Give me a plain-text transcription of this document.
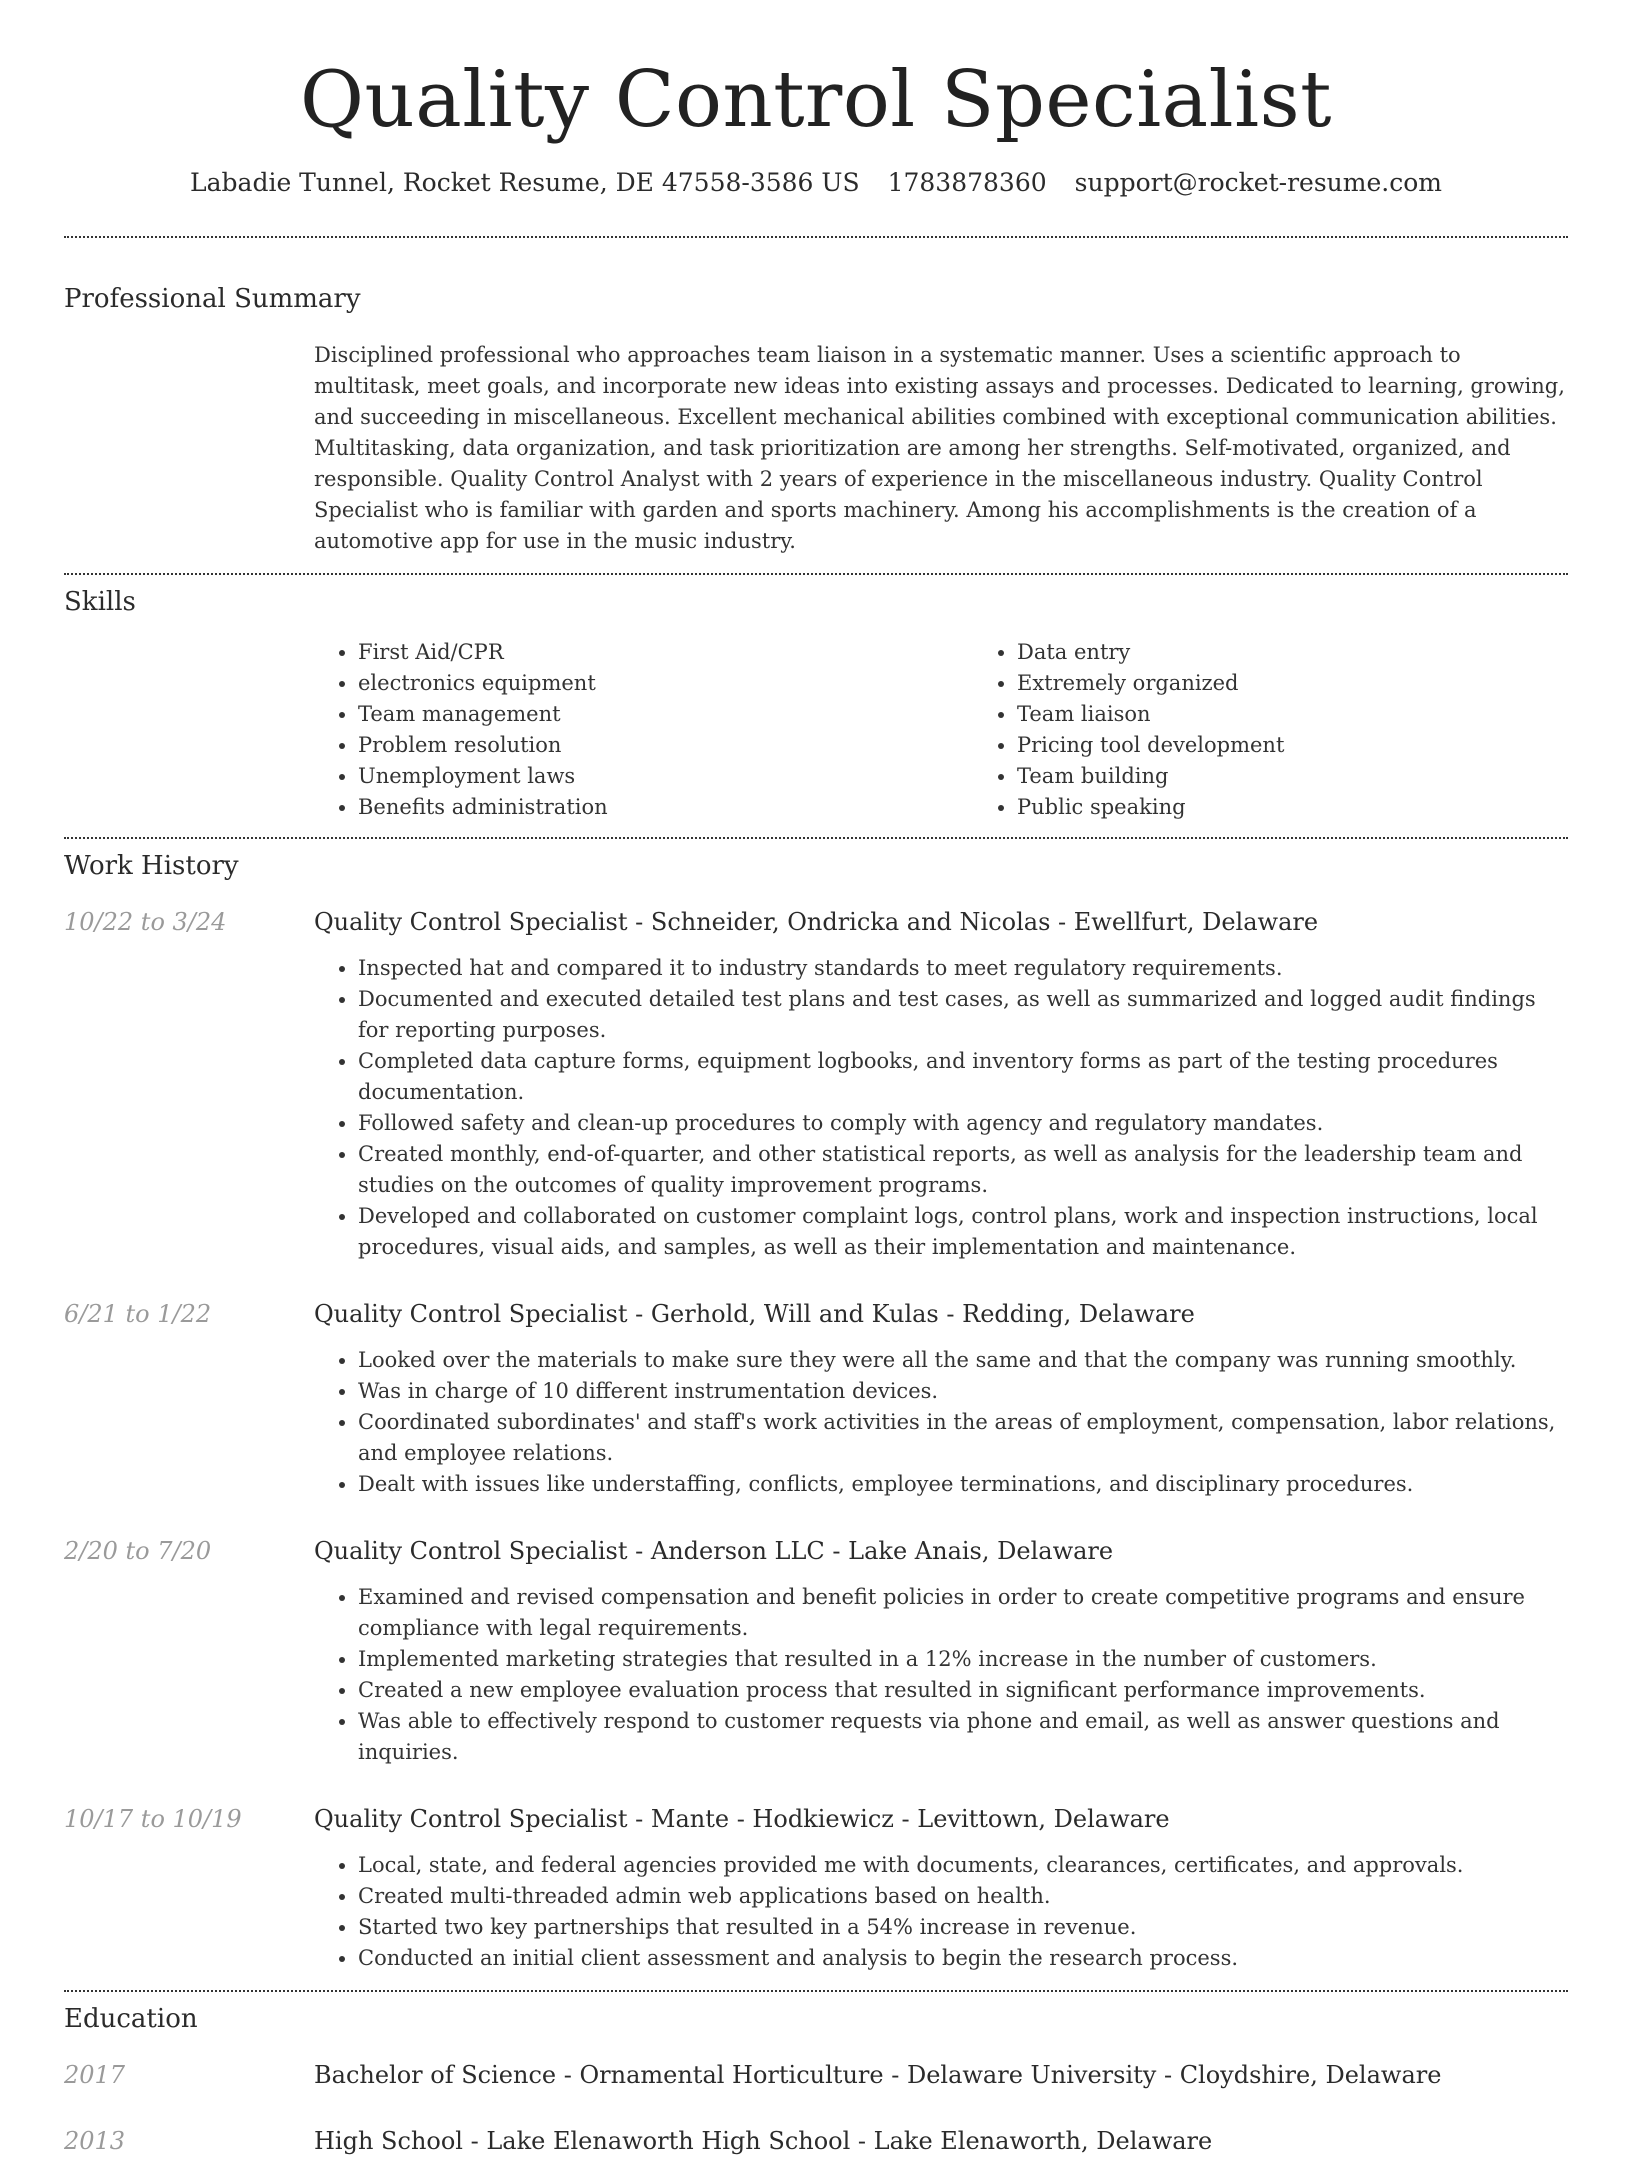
Quality Control Specialist
Labadie Tunnel, Rocket Resume, DE 47558-3586 US 1783878360 support@rocket-resume.com
Professional Summary
Disciplined professional who approaches team liaison in a systematic manner. Uses a scientific approach to multitask, meet goals, and incorporate new ideas into existing assays and processes. Dedicated to learning, growing, and succeeding in miscellaneous. Excellent mechanical abilities combined with exceptional communication abilities. Multitasking, data organization, and task prioritization are among her strengths. Self-motivated, organized, and responsible. Quality Control Analyst with 2 years of experience in the miscellaneous industry. Quality Control Specialist who is familiar with garden and sports machinery. Among his accomplishments is the creation of a automotive app for use in the music industry.
Skills
• First Aid/CPR
• electronics equipment
• Team management
• Problem resolution
• Unemployment laws
• Benefits administration
• Data entry
• Extremely organized
• Team liaison
• Pricing tool development
• Team building
• Public speaking
Work History
10/22 to 3/24	Quality Control Specialist - Schneider, Ondricka and Nicolas - Ewellfurt, Delaware
• Inspected hat and compared it to industry standards to meet regulatory requirements.
• Documented and executed detailed test plans and test cases, as well as summarized and logged audit findings for reporting purposes.
• Completed data capture forms, equipment logbooks, and inventory forms as part of the testing procedures documentation.
• Followed safety and clean-up procedures to comply with agency and regulatory mandates.
• Created monthly, end-of-quarter, and other statistical reports, as well as analysis for the leadership team and studies on the outcomes of quality improvement programs.
• Developed and collaborated on customer complaint logs, control plans, work and inspection instructions, local procedures, visual aids, and samples, as well as their implementation and maintenance.
6/21 to 1/22	Quality Control Specialist - Gerhold, Will and Kulas - Redding, Delaware
• Looked over the materials to make sure they were all the same and that the company was running smoothly.
• Was in charge of 10 different instrumentation devices.
• Coordinated subordinates' and staff's work activities in the areas of employment, compensation, labor relations, and employee relations.
• Dealt with issues like understaffing, conflicts, employee terminations, and disciplinary procedures.
2/20 to 7/20	Quality Control Specialist - Anderson LLC - Lake Anais, Delaware
• Examined and revised compensation and benefit policies in order to create competitive programs and ensure compliance with legal requirements.
• Implemented marketing strategies that resulted in a 12% increase in the number of customers.
• Created a new employee evaluation process that resulted in significant performance improvements.
• Was able to effectively respond to customer requests via phone and email, as well as answer questions and inquiries.
10/17 to 10/19	Quality Control Specialist - Mante - Hodkiewicz - Levittown, Delaware
• Local, state, and federal agencies provided me with documents, clearances, certificates, and approvals.
• Created multi-threaded admin web applications based on health.
• Started two key partnerships that resulted in a 54% increase in revenue.
• Conducted an initial client assessment and analysis to begin the research process.
Education
2017	Bachelor of Science - Ornamental Horticulture - Delaware University - Cloydshire, Delaware
2013	High School - Lake Elenaworth High School - Lake Elenaworth, Delaware
